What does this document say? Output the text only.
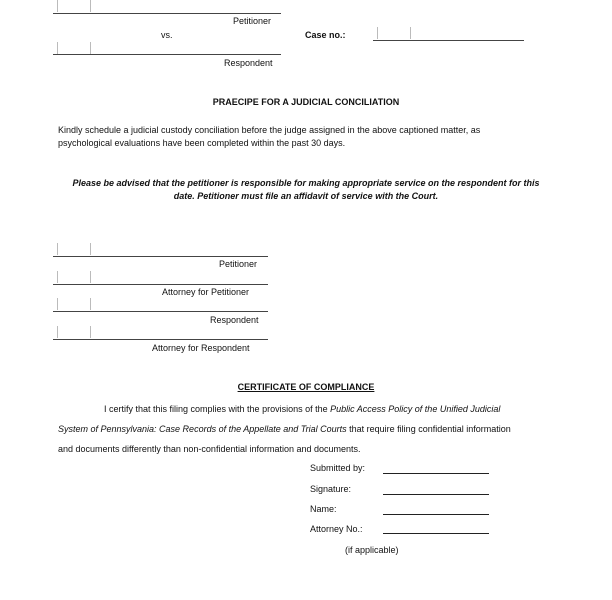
Petitioner
vs.	Case no.:
Respondent
PRAECIPE FOR A JUDICIAL CONCILIATION
Kindly schedule a judicial custody conciliation before the judge assigned in the above captioned matter, as
psychological evaluations have been completed within the past 30 days.
Please be advised that the petitioner is responsible for making appropriate service on the respondent for this
date. Petitioner must file an affidavit of service with the Court.
Petitioner
Attorney for Petitioner
Respondent
Attorney for Respondent
CERTIFICATE OF COMPLIANCE
I certify that this filing complies with the provisions of the Public Access Policy of the Unified Judicial
System of Pennsylvania: Case Records of the Appellate and Trial Courts that require filing confidential information
and documents differently than non-confidential information and documents.
Submitted by:
Signature:
Name:
Attorney No.:
(if applicable)
